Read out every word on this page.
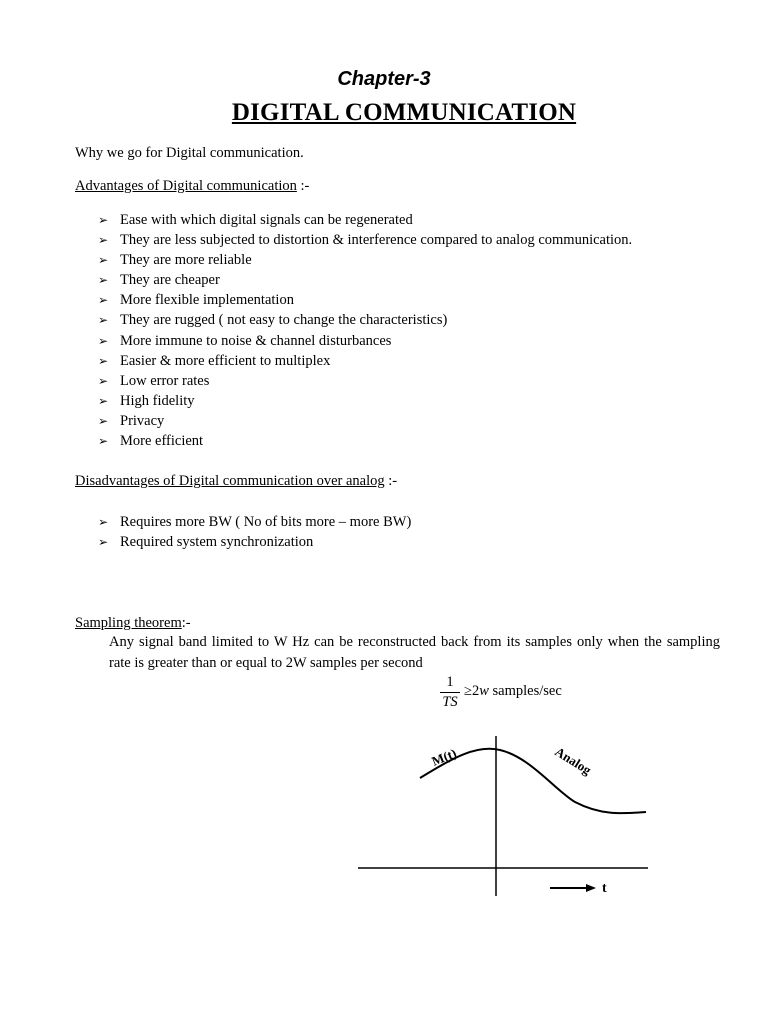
Chapter-3
DIGITAL COMMUNICATION
Why we go for Digital communication.
Advantages of Digital communication :-
➢ Ease with which digital signals can be regenerated
➢ They are less subjected to distortion & interference compared to analog communication.
➢ They are more reliable
➢ They are cheaper
➢ More flexible implementation
➢ They are rugged ( not easy to change the characteristics)
➢ More immune to noise & channel disturbances
➢ Easier & more efficient to multiplex
➢ Low error rates
➢ High fidelity
➢ Privacy
➢ More efficient
Disadvantages of Digital communication over analog :-
➢ Requires more BW ( No of bits more – more BW)
➢ Required system synchronization
Sampling theorem:-
Any signal band limited to W Hz can be reconstructed back from its samples only when the sampling rate is greater than or equal to 2W samples per second
1
TS
≥2w samples/sec
M(t)	Analog
t
